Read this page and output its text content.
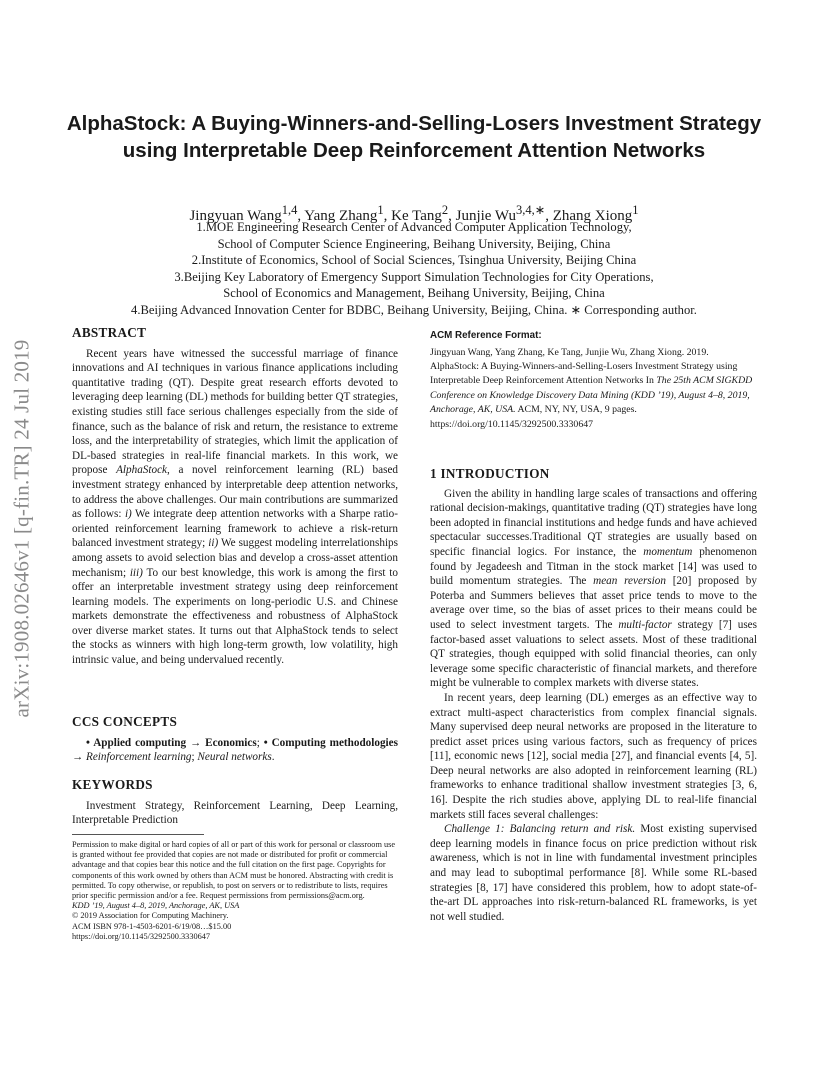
arXiv:1908.02646v1 [q-fin.TR] 24 Jul 2019
AlphaStock: A Buying-Winners-and-Selling-Losers Investment Strategy using Interpretable Deep Reinforcement Attention Networks
Jingyuan Wang$^{1,4}$, Yang Zhang$^1$, Ke Tang$^2$, Junjie $Wu^{3,4,∗}$, Zhang Xiong$^1$
1.MOE Engineering Research Center of Advanced Computer Application Technology,
School of Computer Science Engineering, Beihang University, Beijing, China
2.Institute of Economics, School of Social Sciences, Tsinghua University, Beijing China
3.Beijing Key Laboratory of Emergency Support Simulation Technologies for City Operations,
School of Economics and Management, Beihang University, Beijing, China
4.Beijing Advanced Innovation Center for BDBC, Beihang University, Beijing, China. ∗ Corresponding author.
ABSTRACT

Recent years have witnessed the successful marriage of finance innovations and AI techniques in various finance applications including quantitative trading (QT). Despite great research efforts devoted to leveraging deep learning (DL) methods for building better QT strategies, existing studies still face serious challenges especially from the side of finance, such as the balance of risk and return, the resistance to extreme loss, and the interpretability of strategies, which limit the application of DL-based strategies in real-life financial markets. In this work, we propose AlphaStock, a novel reinforcement learning (RL) based investment strategy enhanced by interpretable deep attention networks, to address the above challenges. Our main contributions are summarized as follows: i) We integrate deep attention networks with a Sharpe ratio-oriented reinforcement learning framework to achieve a risk-return balanced investment strategy; ii) We suggest modeling interrelationships among assets to avoid selection bias and develop a cross-asset attention mechanism; iii) To our best knowledge, this work is among the first to offer an interpretable investment strategy using deep reinforcement learning models. The experiments on long-periodic U.S. and Chinese markets demonstrate the effectiveness and robustness of AlphaStock over diverse market states. It turns out that AlphaStock tends to select the stocks as winners with high long-term growth, low volatility, high intrinsic value, and being undervalued recently.

CCS CONCEPTS

• Applied computing → Economics; • Computing methodologies → Reinforcement learning; Neural networks.

KEYWORDS

Investment Strategy, Reinforcement Learning, Deep Learning, Interpretable Prediction

Permission to make digital or hard copies of all or part of this work for personal or classroom use is granted without fee provided that copies are not made or distributed for profit or commercial advantage and that copies bear this notice and the full citation on the first page. Copyrights for components of this work owned by others than ACM must be honored. Abstracting with credit is permitted. To copy otherwise, or republish, to post on servers or to redistribute to lists, requires prior specific permission and/or a fee. Request permissions from permissions@acm.org.
KDD ’19, August 4–8, 2019, Anchorage, AK, USA
© 2019 Association for Computing Machinery.
ACM ISBN 978-1-4503-6201-6/19/08…$15.00
https://doi.org/10.1145/3292500.3330647
ACM Reference Format:
Jingyuan Wang, Yang Zhang, Ke Tang, Junjie Wu, Zhang Xiong. 2019. AlphaStock: A Buying-Winners-and-Selling-Losers Investment Strategy using Interpretable Deep Reinforcement Attention Networks In The 25th ACM SIGKDD Conference on Knowledge Discovery Data Mining (KDD ’19), August 4–8, 2019, Anchorage, AK, USA. ACM, NY, NY, USA, 9 pages. https://doi.org/10.1145/3292500.3330647
1 INTRODUCTION

Given the ability in handling large scales of transactions and offering rational decision-makings, quantitative trading (QT) strategies have long been adopted in financial institutions and hedge funds and have achieved spectacular successes.Traditional QT strategies are usually based on specific financial logics. For instance, the momentum phenomenon found by Jegadeesh and Titman in the stock market [14] was used to build momentum strategies. The mean reversion [20] proposed by Poterba and Summers believes that asset price tends to move to the average over time, so the bias of asset prices to their means could be used to select investment targets. The multi-factor strategy [7] uses factor-based asset valuations to select assets. Most of these traditional QT strategies, though equipped with solid financial theories, can only leverage some specific characteristic of financial markets, and therefore might be vulnerable to complex markets with diverse states.

In recent years, deep learning (DL) emerges as an effective way to extract multi-aspect characteristics from complex financial signals. Many supervised deep neural networks are proposed in the literature to predict asset prices using various factors, such as frequency of prices [11], economic news [12], social media [27], and financial events [4, 5]. Deep neural networks are also adopted in reinforcement learning (RL) frameworks to enhance traditional shallow investment strategies [3, 6, 16]. Despite the rich studies above, applying DL to real-life financial markets still faces several challenges:

Challenge 1: Balancing return and risk. Most existing supervised deep learning models in finance focus on price prediction without risk awareness, which is not in line with fundamental investment principles and may lead to suboptimal performance [8]. While some RL-based strategies [8, 17] have considered this problem, how to adopt state-of-the-art DL approaches into risk-return-balanced RL frameworks, is yet not well studied.
